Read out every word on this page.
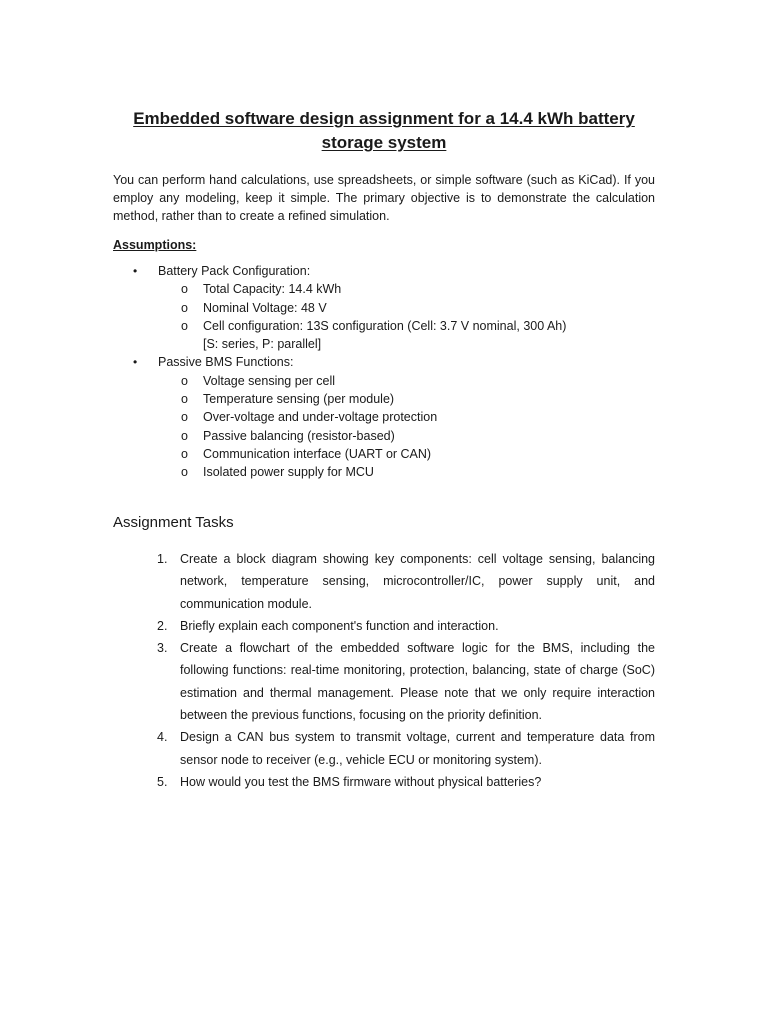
Embedded software design assignment for a 14.4 kWh battery
storage system
You can perform hand calculations, use spreadsheets, or simple software (such as KiCad). If you employ any modeling, keep it simple. The primary objective is to demonstrate the calculation method, rather than to create a refined simulation.
Assumptions:
• Battery Pack Configuration:
o Total Capacity: 14.4 kWh
o Nominal Voltage: 48 V
o Cell configuration: 13S configuration (Cell: 3.7 V nominal, 300 Ah)
[S: series, P: parallel]
• Passive BMS Functions:
o Voltage sensing per cell
o Temperature sensing (per module)
o Over-voltage and under-voltage protection
o Passive balancing (resistor-based)
o Communication interface (UART or CAN)
o Isolated power supply for MCU
Assignment Tasks
1. Create a block diagram showing key components: cell voltage sensing, balancing network, temperature sensing, microcontroller/IC, power supply unit, and communication module.
2. Briefly explain each component's function and interaction.
3. Create a flowchart of the embedded software logic for the BMS, including the following functions: real-time monitoring, protection, balancing, state of charge (SoC) estimation and thermal management. Please note that we only require interaction between the previous functions, focusing on the priority definition.
4. Design a CAN bus system to transmit voltage, current and temperature data from sensor node to receiver (e.g., vehicle ECU or monitoring system).
5. How would you test the BMS firmware without physical batteries?
